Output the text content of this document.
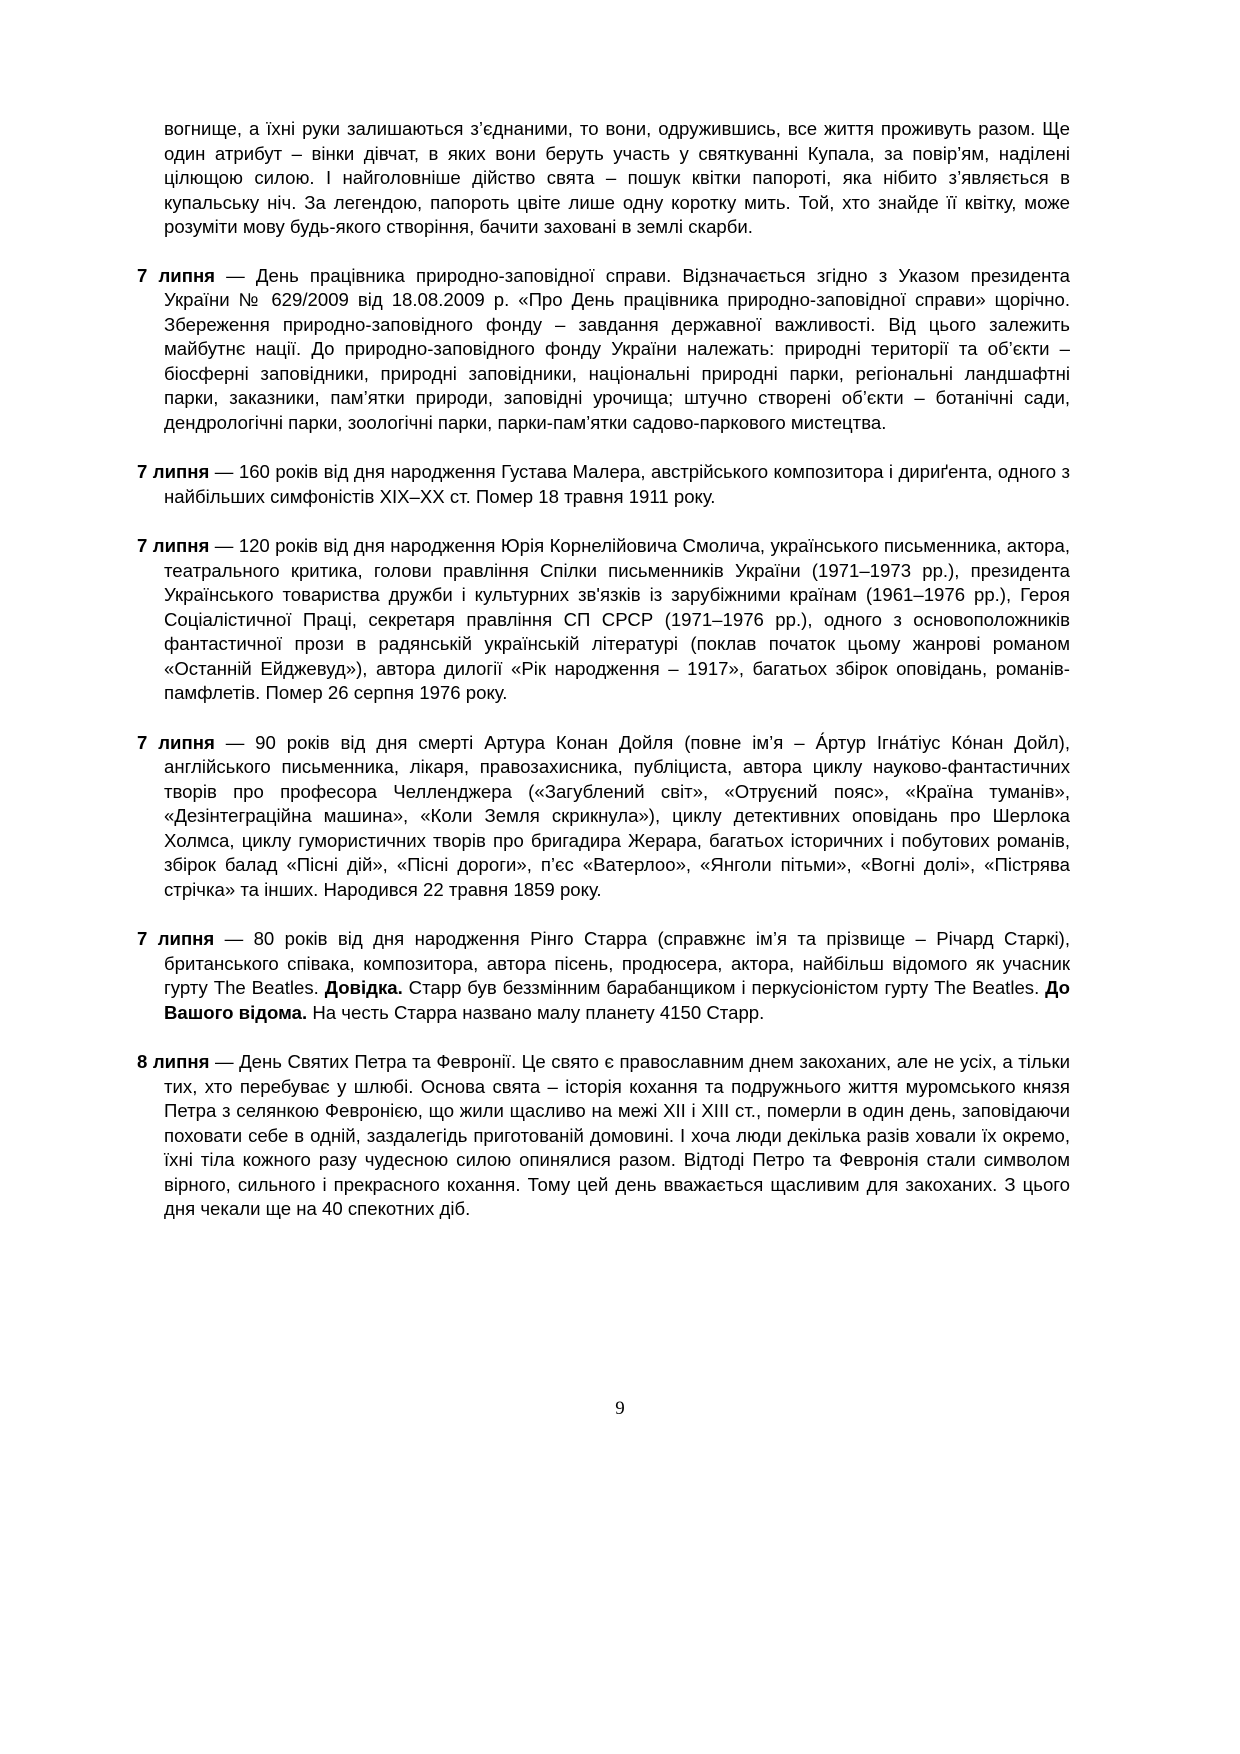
вогнище, а їхні руки залишаються з’єднаними, то вони, одружившись, все життя проживуть разом. Ще один атрибут – вінки дівчат, в яких вони беруть участь у святкуванні Купала, за повір’ям, наділені цілющою силою. І найголовніше дійство свята – пошук квітки папороті, яка нібито з’являється в купальську ніч. За легендою, папороть цвіте лише одну коротку мить. Той, хто знайде її квітку, може розуміти мову будь-якого створіння, бачити заховані в землі скарби.

7 липня — День працівника природно-заповідної справи. Відзначається згідно з Указом президента України № 629/2009 від 18.08.2009 р. «Про День працівника природно-заповідної справи» щорічно. Збереження природно-заповідного фонду – завдання державної важливості. Від цього залежить майбутнє нації. До природно-заповідного фонду України належать: природні території та об’єкти – біосферні заповідники, природні заповідники, національні природні парки, регіональні ландшафтні парки, заказники, пам’ятки природи, заповідні урочища; штучно створені об’єкти – ботанічні сади, дендрологічні парки, зоологічні парки, парки-пам’ятки садово-паркового мистецтва.

7 липня — 160 років від дня народження Густава Малера, австрійського композитора і дириґента, одного з найбільших симфоністів XIX–XX ст. Помер 18 травня 1911 року.

7 липня — 120 років від дня народження Юрія Корнелійовича Смолича, українського письменника, актора, театрального критика, голови правління Спілки письменників України (1971–1973 рр.), президента Українського товариства дружби і культурних зв'язків із зарубіжними країнам (1961–1976 рр.), Героя Соціалістичної Праці, секретаря правління СП СРСР (1971–1976 рр.), одного з основоположників фантастичної прози в радянській українській літературі (поклав початок цьому жанрові романом «Останній Ейджевуд»), автора дилогії «Рік народження – 1917», багатьох збірок оповідань, романів-памфлетів. Помер 26 серпня 1976 року.

7 липня — 90 років від дня смерті Артура Конан Дойля (повне ім’я – А́ртур Ігна́тіус Ко́нан Дойл), англійського письменника, лікаря, правозахисника, публіциста, автора циклу науково-фантастичних творів про професора Челленджера («Загублений світ», «Отруєний пояс», «Країна туманів», «Дезінтеграційна машина», «Коли Земля скрикнула»), циклу детективних оповідань про Шерлока Холмса, циклу гумористичних творів про бригадира Жерара, багатьох історичних і побутових романів, збірок балад «Пісні дій», «Пісні дороги», п’єс «Ватерлоо», «Янголи пітьми», «Вогні долі», «Пістрява стрічка» та інших. Народився 22 травня 1859 року.

7 липня — 80 років від дня народження Рінго Старра (справжнє ім’я та прізвище – Річард Старкі), британського співака, композитора, автора пісень, продюсера, актора, найбільш відомого як учасник гурту The Beatles. Довідка. Старр був беззмінним барабанщиком і перкусіоністом гурту The Beatles. До Вашого відома. На честь Старра названо малу планету 4150 Старр.

8 липня — День Святих Петра та Февронії. Це свято є православним днем закоханих, але не усіх, а тільки тих, хто перебуває у шлюбі. Основа свята – історія кохання та подружнього життя муромського князя Петра з селянкою Февронією, що жили щасливо на межі XII і XIII ст., померли в один день, заповідаючи поховати себе в одній, заздалегідь приготованій домовині. І хоча люди декілька разів ховали їх окремо, їхні тіла кожного разу чудесною силою опинялися разом. Відтоді Петро та Февронія стали символом вірного, сильного і прекрасного кохання. Тому цей день вважається щасливим для закоханих. З цього дня чекали ще на 40 спекотних діб.

9
